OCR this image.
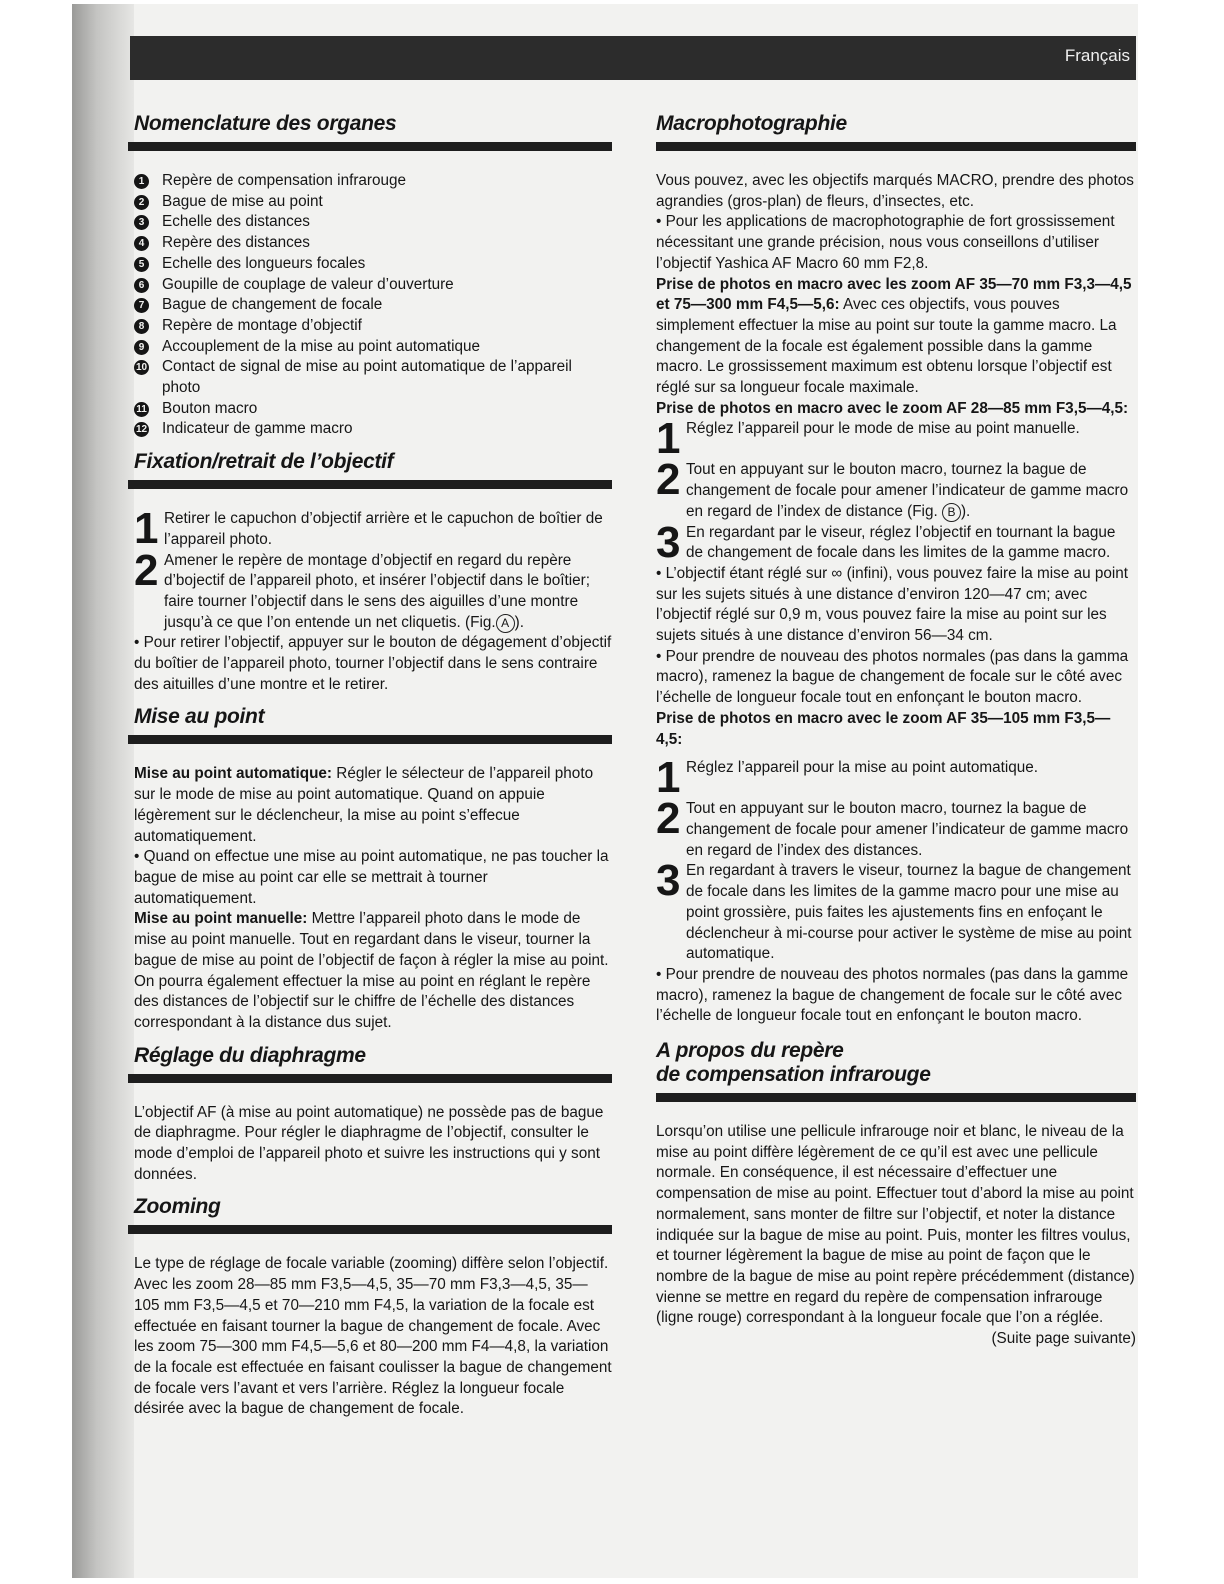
Français
Nomenclature des organes
1	Repère de compensation infrarouge
2	Bague de mise au point
3	Echelle des distances
4	Repère des distances
5	Echelle des longueurs focales
6	Goupille de couplage de valeur d’ouverture
7	Bague de changement de focale
8	Repère de montage d’objectif
9	Accouplement de la mise au point automatique
10 Contact de signal de mise au point automatique de l’appareil photo
11 Bouton macro
12 Indicateur de gamme macro
Fixation/retrait de l’objectif
1 Retirer le capuchon d’objectif arrière et le capuchon de boîtier de l’appareil photo.
2 Amener le repère de montage d’objectif en regard du repère d’bojectif de l’appareil photo, et insérer l’objectif dans le boîtier; faire tourner l’objectif dans le sens des aiguilles d’une montre jusqu’à ce que l’on entende un net cliquetis. (Fig. A ).

• Pour retirer l’objectif, appuyer sur le bouton de dégagement d’objectif du boîtier de l’appareil photo, tourner l’objectif dans le sens contraire des aituilles d’une montre et le retirer.

Mise au point

Mise au point automatique: Régler le sélecteur de l’appareil photo sur le mode de mise au point automatique. Quand on appuie légèrement sur le déclencheur, la mise au point s’effecue automatiquement.

• Quand on effectue une mise au point automatique, ne pas toucher la bague de mise au point car elle se mettrait à tourner automatiquement.

Mise au point manuelle: Mettre l’appareil photo dans le mode de mise au point manuelle. Tout en regardant dans le viseur, tourner la bague de mise au point de l’objectif de façon à régler la mise au point. On pourra également effectuer la mise au point en réglant le repère des distances de l’objectif sur le chiffre de l’échelle des distances correspondant à la distance dus sujet.

Réglage du diaphragme

L’objectif AF (à mise au point automatique) ne possède pas de bague de diaphragme. Pour régler le diaphragme de l’objectif, consulter le mode d’emploi de l’appareil photo et suivre les instructions qui y sont données.

Zooming

Le type de réglage de focale variable (zooming) diffère selon l’objectif. Avec les zoom 28—85 mm F3,5—4,5, 35—70 mm F3,3—4,5, 35—105 mm F3,5—4,5 et 70—210 mm F4,5, la variation de la focale est effectuée en faisant tourner la bague de changement de focale. Avec les zoom 75—300 mm F4,5—5,6 et 80—200 mm F4—4,8, la variation de la focale est effectuée en faisant coulisser la bague de changement de focale vers l’avant et vers l’arrière. Réglez la longueur focale désirée avec la bague de changement de focale.

Macrophotographie

Vous pouvez, avec les objectifs marqués MACRO, prendre des photos agrandies (gros-plan) de fleurs, d’insectes, etc.

• Pour les applications de macrophotographie de fort grossissement nécessitant une grande précision, nous vous conseillons d’utiliser l’objectif Yashica AF Macro 60 mm F2,8.

Prise de photos en macro avec les zoom AF 35—70 mm F3,3—4,5 et 75—300 mm F4,5—5,6: Avec ces objectifs, vous pouves simplement effectuer la mise au point sur toute la gamme macro. La changement de la focale est également possible dans la gamme macro. Le grossissement maximum est obtenu lorsque l’objectif est réglé sur sa longueur focale maximale.

Prise de photos en macro avec le zoom AF 28—85 mm F3,5—4,5:

1 Réglez l’appareil pour le mode de mise au point manuelle.
2 Tout en appuyant sur le bouton macro, tournez la bague de changement de focale pour amener l’indicateur de gamme macro en regard de l’index de distance (Fig. B ).
3 En regardant par le viseur, réglez l’objectif en tournant la bague de changement de focale dans les limites de la gamme macro.

• L’objectif étant réglé sur ∞ (infini), vous pouvez faire la mise au point sur les sujets situés à une distance d’environ 120—47 cm; avec l’objectif réglé sur 0,9 m, vous pouvez faire la mise au point sur les sujets situés à une distance d’environ 56—34 cm.

• Pour prendre de nouveau des photos normales (pas dans la gamma macro), ramenez la bague de changement de focale sur le côté avec l’échelle de longueur focale tout en enfonçant le bouton macro.

Prise de photos en macro avec le zoom AF 35—105 mm F3,5—4,5:

1 Réglez l’appareil pour la mise au point automatique.
2 Tout en appuyant sur le bouton macro, tournez la bague de changement de focale pour amener l’indicateur de gamme macro en regard de l’index des distances.
3 En regardant à travers le viseur, tournez la bague de changement de focale dans les limites de la gamme macro pour une mise au point grossière, puis faites les ajustements fins en enfoçant le déclencheur à mi-course pour activer le système de mise au point automatique.

• Pour prendre de nouveau des photos normales (pas dans la gamme macro), ramenez la bague de changement de focale sur le côté avec l’échelle de longueur focale tout en enfonçant le bouton macro.

A propos du repère
de compensation infrarouge

Lorsqu’on utilise une pellicule infrarouge noir et blanc, le niveau de la mise au point diffère légèrement de ce qu’il est avec une pellicule normale. En conséquence, il est nécessaire d’effectuer une compensation de mise au point. Effectuer tout d’abord la mise au point normalement, sans monter de filtre sur l’objectif, et noter la distance indiquée sur la bague de mise au point. Puis, monter les filtres voulus, et tourner légèrement la bague de mise au point de façon que le nombre de la bague de mise au point repère précédemment (distance) vienne se mettre en regard du repère de compensation infrarouge (ligne rouge) correspondant à la longueur focale que l’on a réglée.

(Suite page suivante)
